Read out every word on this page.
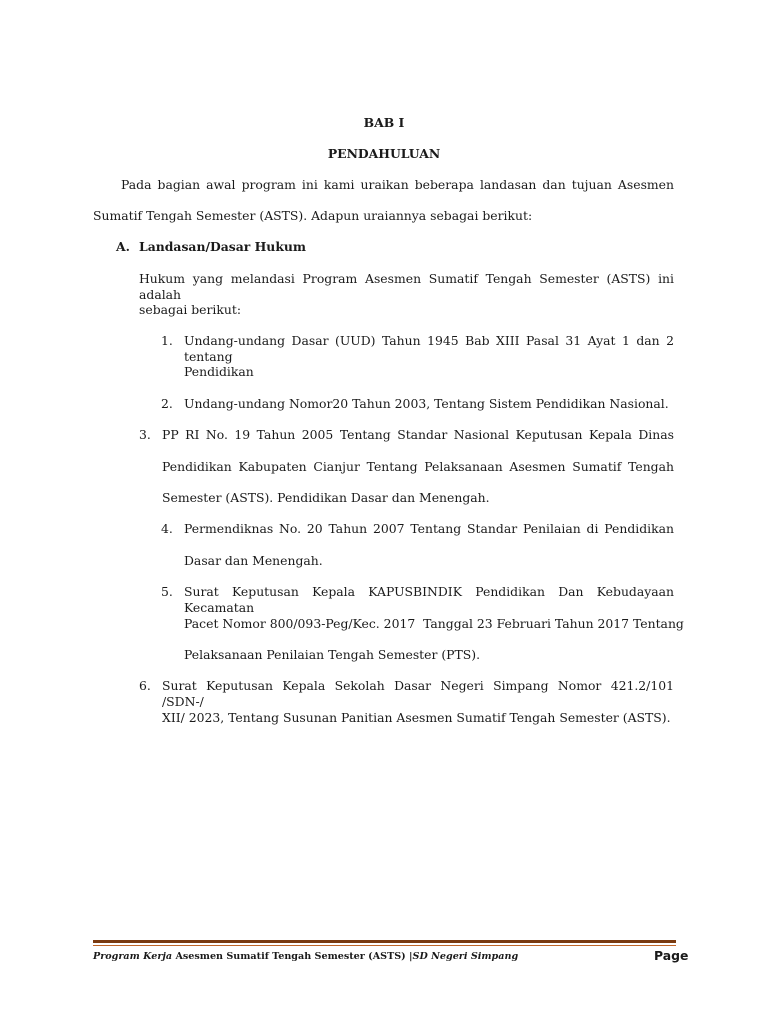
BAB I
PENDAHULUAN
Pada bagian awal program ini kami uraikan beberapa landasan dan tujuan Asesmen
Sumatif Tengah Semester (ASTS). Adapun uraiannya sebagai berikut:
A. Landasan/Dasar Hukum
Hukum yang melandasi Program Asesmen Sumatif Tengah Semester (ASTS) ini adalah
sebagai berikut:
1. Undang-undang Dasar (UUD) Tahun 1945 Bab XIII Pasal 31 Ayat 1 dan 2 tentang
Pendidikan
2. Undang-undang Nomor20 Tahun 2003, Tentang Sistem Pendidikan Nasional.
3. PP RI No. 19 Tahun 2005 Tentang Standar Nasional Keputusan Kepala Dinas
Pendidikan Kabupaten Cianjur Tentang Pelaksanaan Asesmen Sumatif Tengah
Semester (ASTS). Pendidikan Dasar dan Menengah.
4. Permendiknas No. 20 Tahun 2007 Tentang Standar Penilaian di Pendidikan
Dasar dan Menengah.
5. Surat Keputusan Kepala KAPUSBINDIK Pendidikan Dan Kebudayaan Kecamatan
Pacet Nomor 800/093-Peg/Kec. 2017  Tanggal 23 Februari Tahun 2017 Tentang
Pelaksanaan Penilaian Tengah Semester (PTS).
6. Surat Keputusan Kepala Sekolah Dasar Negeri Simpang Nomor 421.2/101 /SDN-/
XII/ 2023, Tentang Susunan Panitian Asesmen Sumatif Tengah Semester (ASTS).
Program Kerja Asesmen Sumatif Tengah Semester (ASTS) |SD Negeri Simpang	Page
